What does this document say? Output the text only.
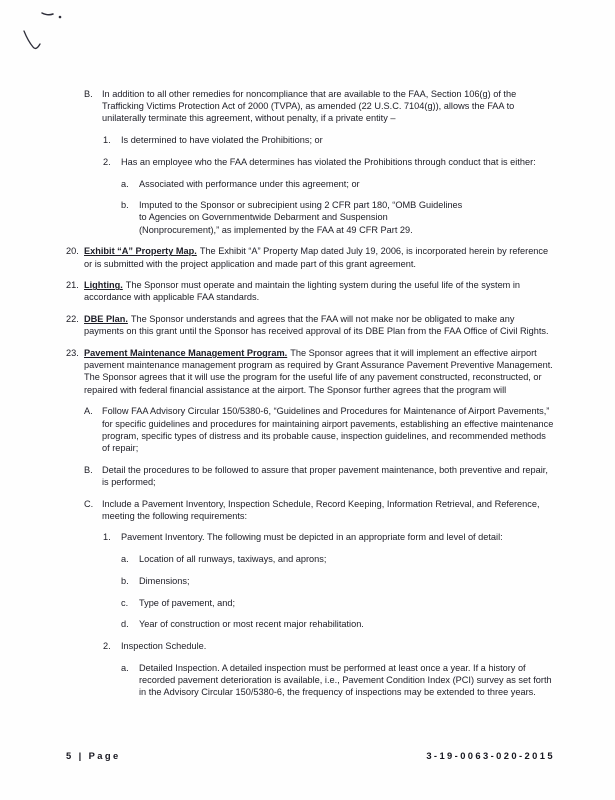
B.	In addition to all other remedies for noncompliance that are available to the FAA, Section 106(g) of the Trafficking Victims Protection Act of 2000 (TVPA), as amended (22 U.S.C. 7104(g)), allows the FAA to unilaterally terminate this agreement, without penalty, if a private entity –
1.	Is determined to have violated the Prohibitions; or
2.	Has an employee who the FAA determines has violated the Prohibitions through conduct that is either:
a.	Associated with performance under this agreement; or
b.	Imputed to the Sponsor or subrecipient using 2 CFR part 180, “OMB Guidelines to Agencies on Governmentwide Debarment and Suspension (Nonprocurement),” as implemented by the FAA at 49 CFR Part 29.
20. Exhibit “A” Property Map. The Exhibit “A” Property Map dated July 19, 2006, is incorporated herein by reference or is submitted with the project application and made part of this grant agreement.
21. Lighting. The Sponsor must operate and maintain the lighting system during the useful life of the system in accordance with applicable FAA standards.
22. DBE Plan. The Sponsor understands and agrees that the FAA will not make nor be obligated to make any payments on this grant until the Sponsor has received approval of its DBE Plan from the FAA Office of Civil Rights.
23. Pavement Maintenance Management Program. The Sponsor agrees that it will implement an effective airport pavement maintenance management program as required by Grant Assurance Pavement Preventive Management. The Sponsor agrees that it will use the program for the useful life of any pavement constructed, reconstructed, or repaired with federal financial assistance at the airport. The Sponsor further agrees that the program will
A.	Follow FAA Advisory Circular 150/5380-6, “Guidelines and Procedures for Maintenance of Airport Pavements,” for specific guidelines and procedures for maintaining airport pavements, establishing an effective maintenance program, specific types of distress and its probable cause, inspection guidelines, and recommended methods of repair;
B.	Detail the procedures to be followed to assure that proper pavement maintenance, both preventive and repair, is performed;
C. Include a Pavement Inventory, Inspection Schedule, Record Keeping, Information Retrieval, and Reference, meeting the following requirements:
1.	Pavement Inventory. The following must be depicted in an appropriate form and level of detail:
a.	Location of all runways, taxiways, and aprons;
b.	Dimensions;
c.	Type of pavement, and;
d.	Year of construction or most recent major rehabilitation.
2.	Inspection Schedule.
a.	Detailed Inspection. A detailed inspection must be performed at least once a year. If a history of recorded pavement deterioration is available, i.e., Pavement Condition Index (PCI) survey as set forth in the Advisory Circular 150/5380-6, the frequency of inspections may be extended to three years.
5 | Page	3-19-0063-020-2015
